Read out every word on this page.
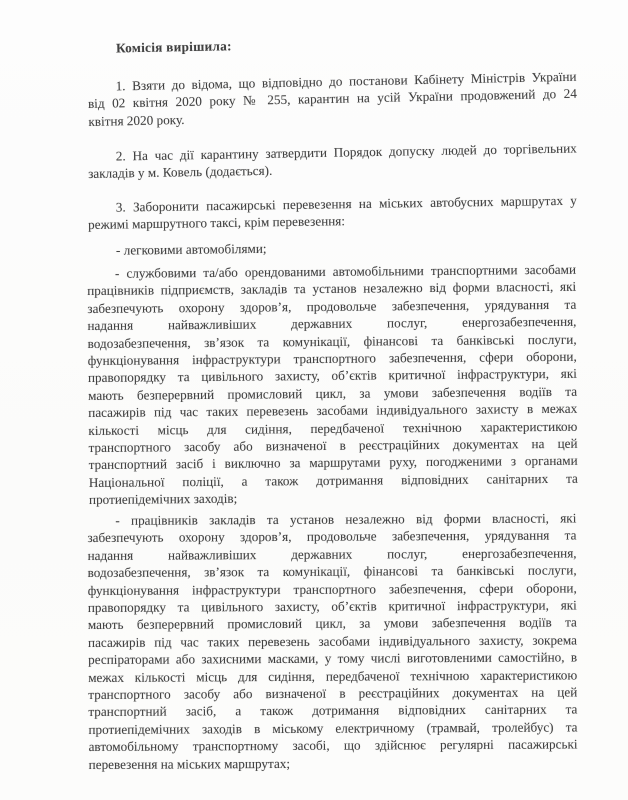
Комісія вирішила:
1. Взяти до відома, що відповідно до постанови Кабінету Міністрів України
від 02 квітня 2020 року № 255, карантин на усій України продовжений до 24
квітня 2020 року.
2. На час дії карантину затвердити Порядок допуску людей до торгівельних
закладів у м. Ковель (додається).
3. Заборонити пасажирські перевезення на міських автобусних маршрутах у
режимі маршрутного таксі, крім перевезення:
- легковими автомобілями;
- службовими та/або орендованими автомобільними транспортними засобами
працівників підприємств, закладів та установ незалежно від форми власності, які
забезпечують охорону здоров’я, продовольче забезпечення, урядування та
надання найважливіших державних послуг, енергозабезпечення,
водозабезпечення, зв’язок та комунікації, фінансові та банківські послуги,
функціонування інфраструктури транспортного забезпечення, сфери оборони,
правопорядку та цивільного захисту, об’єктів критичної інфраструктури, які
мають безперервний промисловий цикл, за умови забезпечення водіїв та
пасажирів під час таких перевезень засобами індивідуального захисту в межах
кількості місць для сидіння, передбаченої технічною характеристикою
транспортного засобу або визначеної в реєстраційних документах на цей
транспортний засіб і виключно за маршрутами руху, погодженими з органами
Національної поліції, а також дотримання відповідних санітарних та
протиепідемічних заходів;
- працівників закладів та установ незалежно від форми власності, які
забезпечують охорону здоров’я, продовольче забезпечення, урядування та
надання найважливіших державних послуг, енергозабезпечення,
водозабезпечення, зв’язок та комунікації, фінансові та банківські послуги,
функціонування інфраструктури транспортного забезпечення, сфери оборони,
правопорядку та цивільного захисту, об’єктів критичної інфраструктури, які
мають безперервний промисловий цикл, за умови забезпечення водіїв та
пасажирів під час таких перевезень засобами індивідуального захисту, зокрема
респіраторами або захисними масками, у тому числі виготовленими самостійно, в
межах кількості місць для сидіння, передбаченої технічною характеристикою
транспортного засобу або визначеної в реєстраційних документах на цей
транспортний засіб, а також дотримання відповідних санітарних та
протиепідемічних заходів в міському електричному (трамвай, тролейбус) та
автомобільному транспортному засобі, що здійснює регулярні пасажирські
перевезення на міських маршрутах;
